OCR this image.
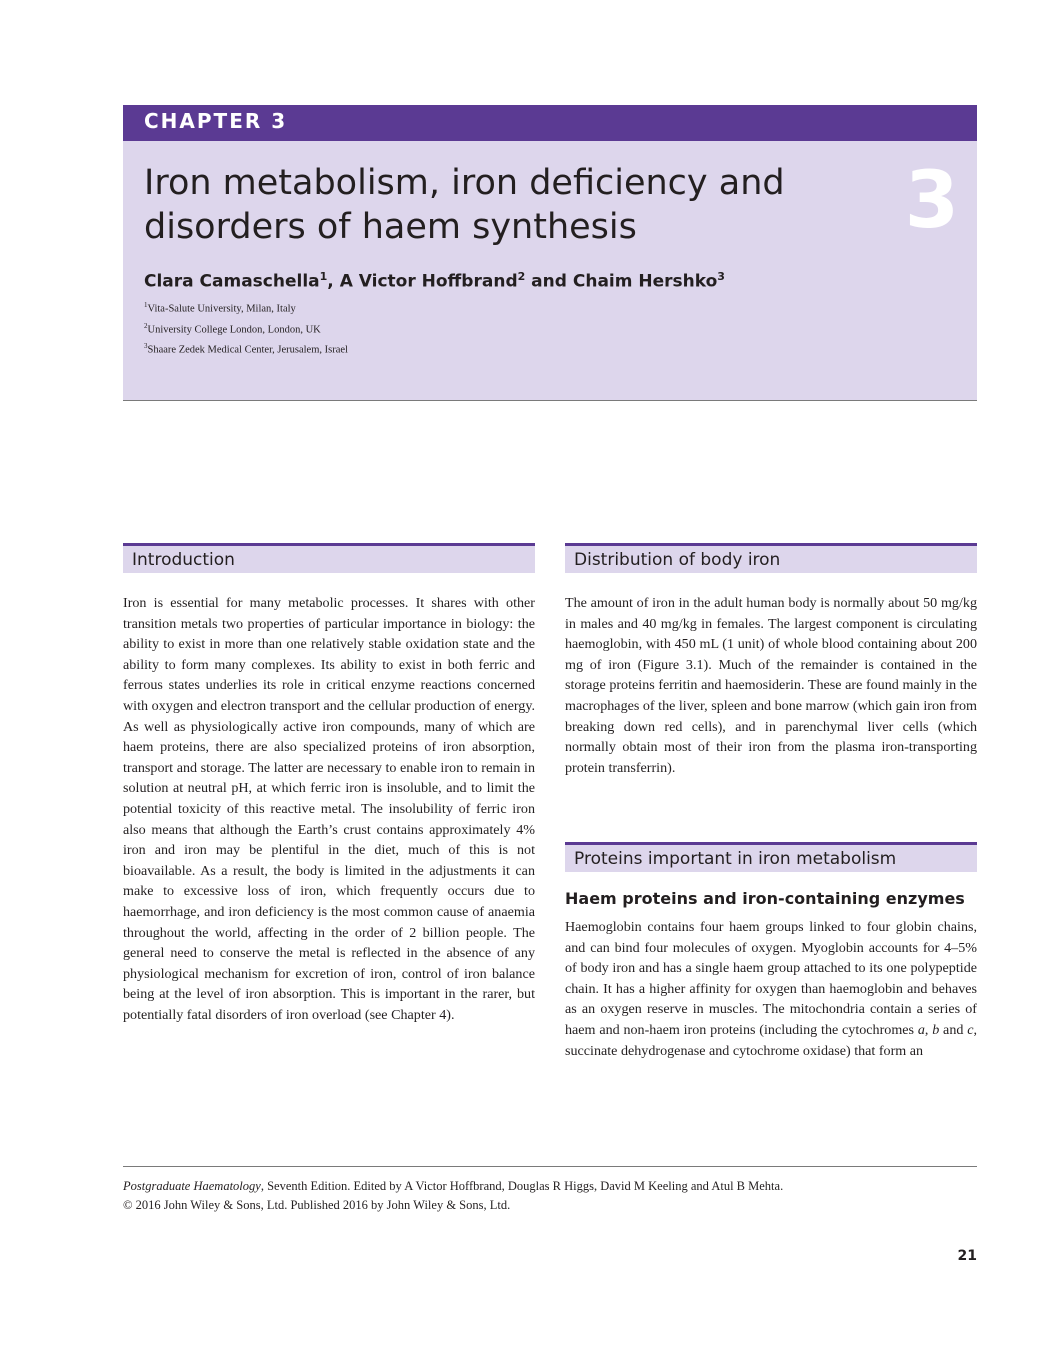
CHAPTER 3
Iron metabolism, iron deficiency and disorders of haem synthesis	3
Clara Camaschella$^1$, A Victor Hoffbrand$^2$ and Chaim Hershko$^3$
$^1$Vita-Salute University, Milan, Italy
$^2$University College London, London, UK
$^3$Shaare Zedek Medical Center, Jerusalem, Israel
Introduction

Iron is essential for many metabolic processes. It shares with other transition metals two properties of particular importance in biology: the ability to exist in more than one relatively stable oxidation state and the ability to form many complexes. Its ability to exist in both ferric and ferrous states underlies its role in critical enzyme reactions concerned with oxygen and electron transport and the cellular production of energy. As well as physiologically active iron compounds, many of which are haem proteins, there are also specialized proteins of iron absorption, transport and storage. The latter are necessary to enable iron to remain in solution at neutral pH, at which ferric iron is insoluble, and to limit the potential toxicity of this reactive metal. The insolubility of ferric iron also means that although the Earth’s crust contains approximately 4% iron and iron may be plentiful in the diet, much of this is not bioavailable. As a result, the body is limited in the adjustments it can make to excessive loss of iron, which frequently occurs due to haemorrhage, and iron deficiency is the most common cause of anaemia throughout the world, affecting in the order of 2 billion people. The general need to conserve the metal is reflected in the absence of any physiological mechanism for excretion of iron, control of iron balance being at the level of iron absorption. This is important in the rarer, but potentially fatal disorders of iron overload (see Chapter 4).

Distribution of body iron

The amount of iron in the adult human body is normally about 50 mg/kg in males and 40 mg/kg in females. The largest component is circulating haemoglobin, with 450 mL (1 unit) of whole blood containing about 200 mg of iron (Figure 3.1). Much of the remainder is contained in the storage proteins ferritin and haemosiderin. These are found mainly in the macrophages of the liver, spleen and bone marrow (which gain iron from breaking down red cells), and in parenchymal liver cells (which normally obtain most of their iron from the plasma iron-transporting protein transferrin).

Proteins important in iron metabolism
Haem proteins and iron-containing enzymes

Haemoglobin contains four haem groups linked to four globin chains, and can bind four molecules of oxygen. Myoglobin accounts for 4–5% of body iron and has a single haem group attached to its one polypeptide chain. It has a higher affinity for oxygen than haemoglobin and behaves as an oxygen reserve in muscles. The mitochondria contain a series of haem and non-haem iron proteins (including the cytochromes a, b and c, succinate dehydrogenase and cytochrome oxidase) that form an

Postgraduate Haematology, Seventh Edition. Edited by A Victor Hoffbrand, Douglas R Higgs, David M Keeling and Atul B Mehta.
© 2016 John Wiley & Sons, Ltd. Published 2016 by John Wiley & Sons, Ltd.
21
